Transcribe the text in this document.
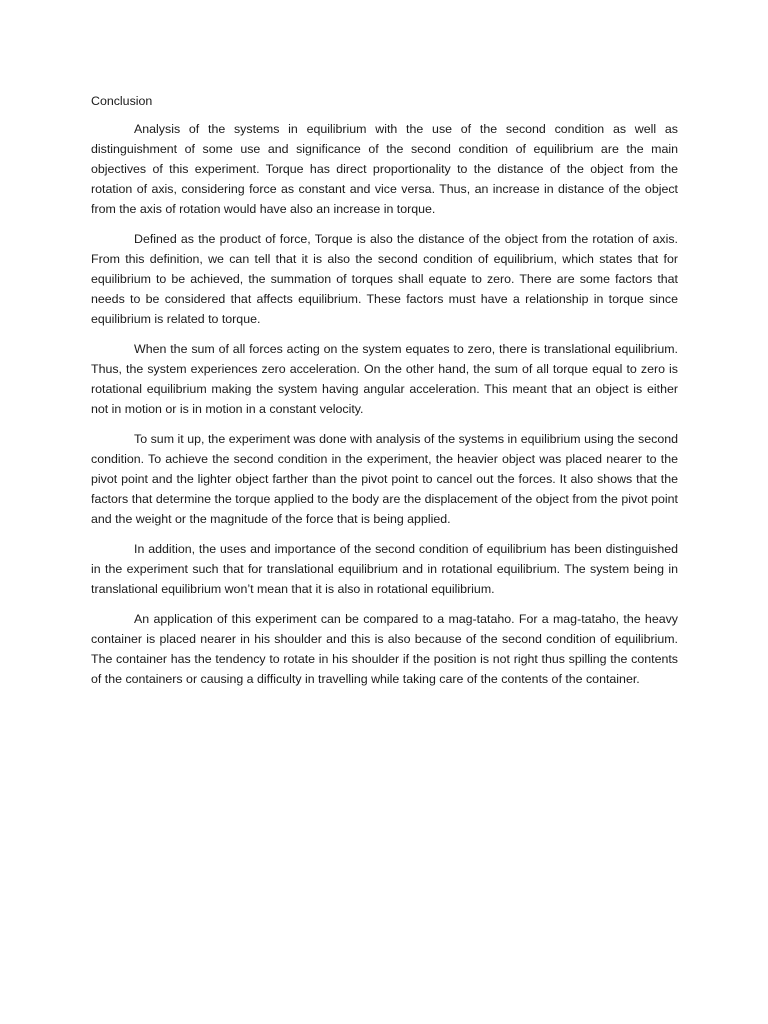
Conclusion

Analysis of the systems in equilibrium with the use of the second condition as well as distinguishment of some use and significance of the second condition of equilibrium are the main objectives of this experiment. Torque has direct proportionality to the distance of the object from the rotation of axis, considering force as constant and vice versa. Thus, an increase in distance of the object from the axis of rotation would have also an increase in torque.

Defined as the product of force, Torque is also the distance of the object from the rotation of axis. From this definition, we can tell that it is also the second condition of equilibrium, which states that for equilibrium to be achieved, the summation of torques shall equate to zero. There are some factors that needs to be considered that affects equilibrium. These factors must have a relationship in torque since equilibrium is related to torque.

When the sum of all forces acting on the system equates to zero, there is translational equilibrium. Thus, the system experiences zero acceleration. On the other hand, the sum of all torque equal to zero is rotational equilibrium making the system having angular acceleration. This meant that an object is either not in motion or is in motion in a constant velocity.

To sum it up, the experiment was done with analysis of the systems in equilibrium using the second condition. To achieve the second condition in the experiment, the heavier object was placed nearer to the pivot point and the lighter object farther than the pivot point to cancel out the forces. It also shows that the factors that determine the torque applied to the body are the displacement of the object from the pivot point and the weight or the magnitude of the force that is being applied.

In addition, the uses and importance of the second condition of equilibrium has been distinguished in the experiment such that for translational equilibrium and in rotational equilibrium. The system being in translational equilibrium won’t mean that it is also in rotational equilibrium.

An application of this experiment can be compared to a mag-tataho. For a mag-tataho, the heavy container is placed nearer in his shoulder and this is also because of the second condition of equilibrium. The container has the tendency to rotate in his shoulder if the position is not right thus spilling the contents of the containers or causing a difficulty in travelling while taking care of the contents of the container.
